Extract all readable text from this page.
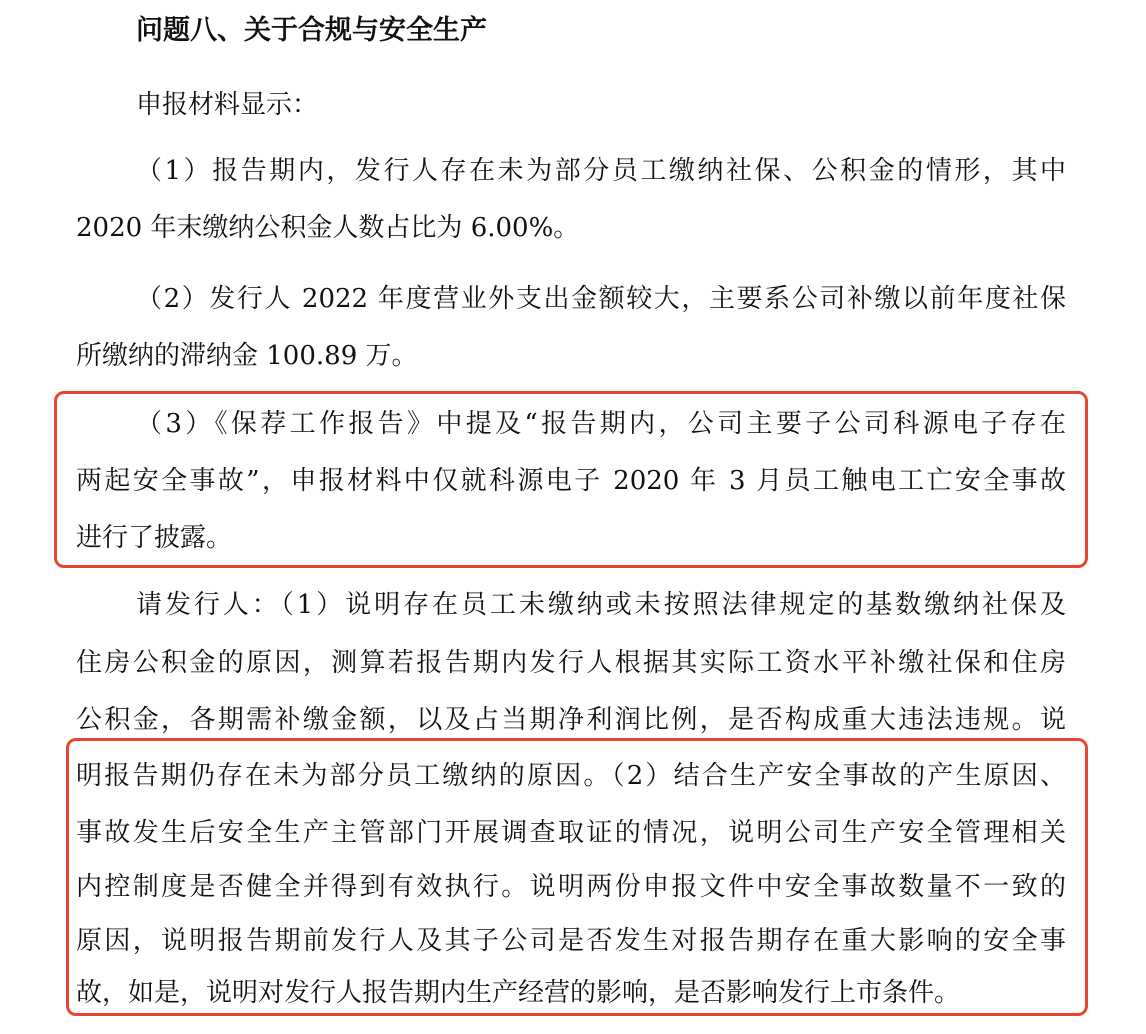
问题八、关于合规与安全生产
申报材料显示：
（1）报告期内，发行人存在未为部分员工缴纳社保、公积金的情形，其中
2020 年末缴纳公积金人数占比为 6.00%。
（2）发行人 2022 年度营业外支出金额较大，主要系公司补缴以前年度社保
所缴纳的滞纳金 100.89 万。
（3）《保荐工作报告》中提及“报告期内，公司主要子公司科源电子存在
两起安全事故”，申报材料中仅就科源电子 2020 年 3 月员工触电工亡安全事故
进行了披露。
请发行人：（1）说明存在员工未缴纳或未按照法律规定的基数缴纳社保及
住房公积金的原因，测算若报告期内发行人根据其实际工资水平补缴社保和住房
公积金，各期需补缴金额，以及占当期净利润比例，是否构成重大违法违规。说
明报告期仍存在未为部分员工缴纳的原因。（2）结合生产安全事故的产生原因、
事故发生后安全生产主管部门开展调查取证的情况，说明公司生产安全管理相关
内控制度是否健全并得到有效执行。说明两份申报文件中安全事故数量不一致的
原因，说明报告期前发行人及其子公司是否发生对报告期存在重大影响的安全事
故，如是，说明对发行人报告期内生产经营的影响，是否影响发行上市条件。
